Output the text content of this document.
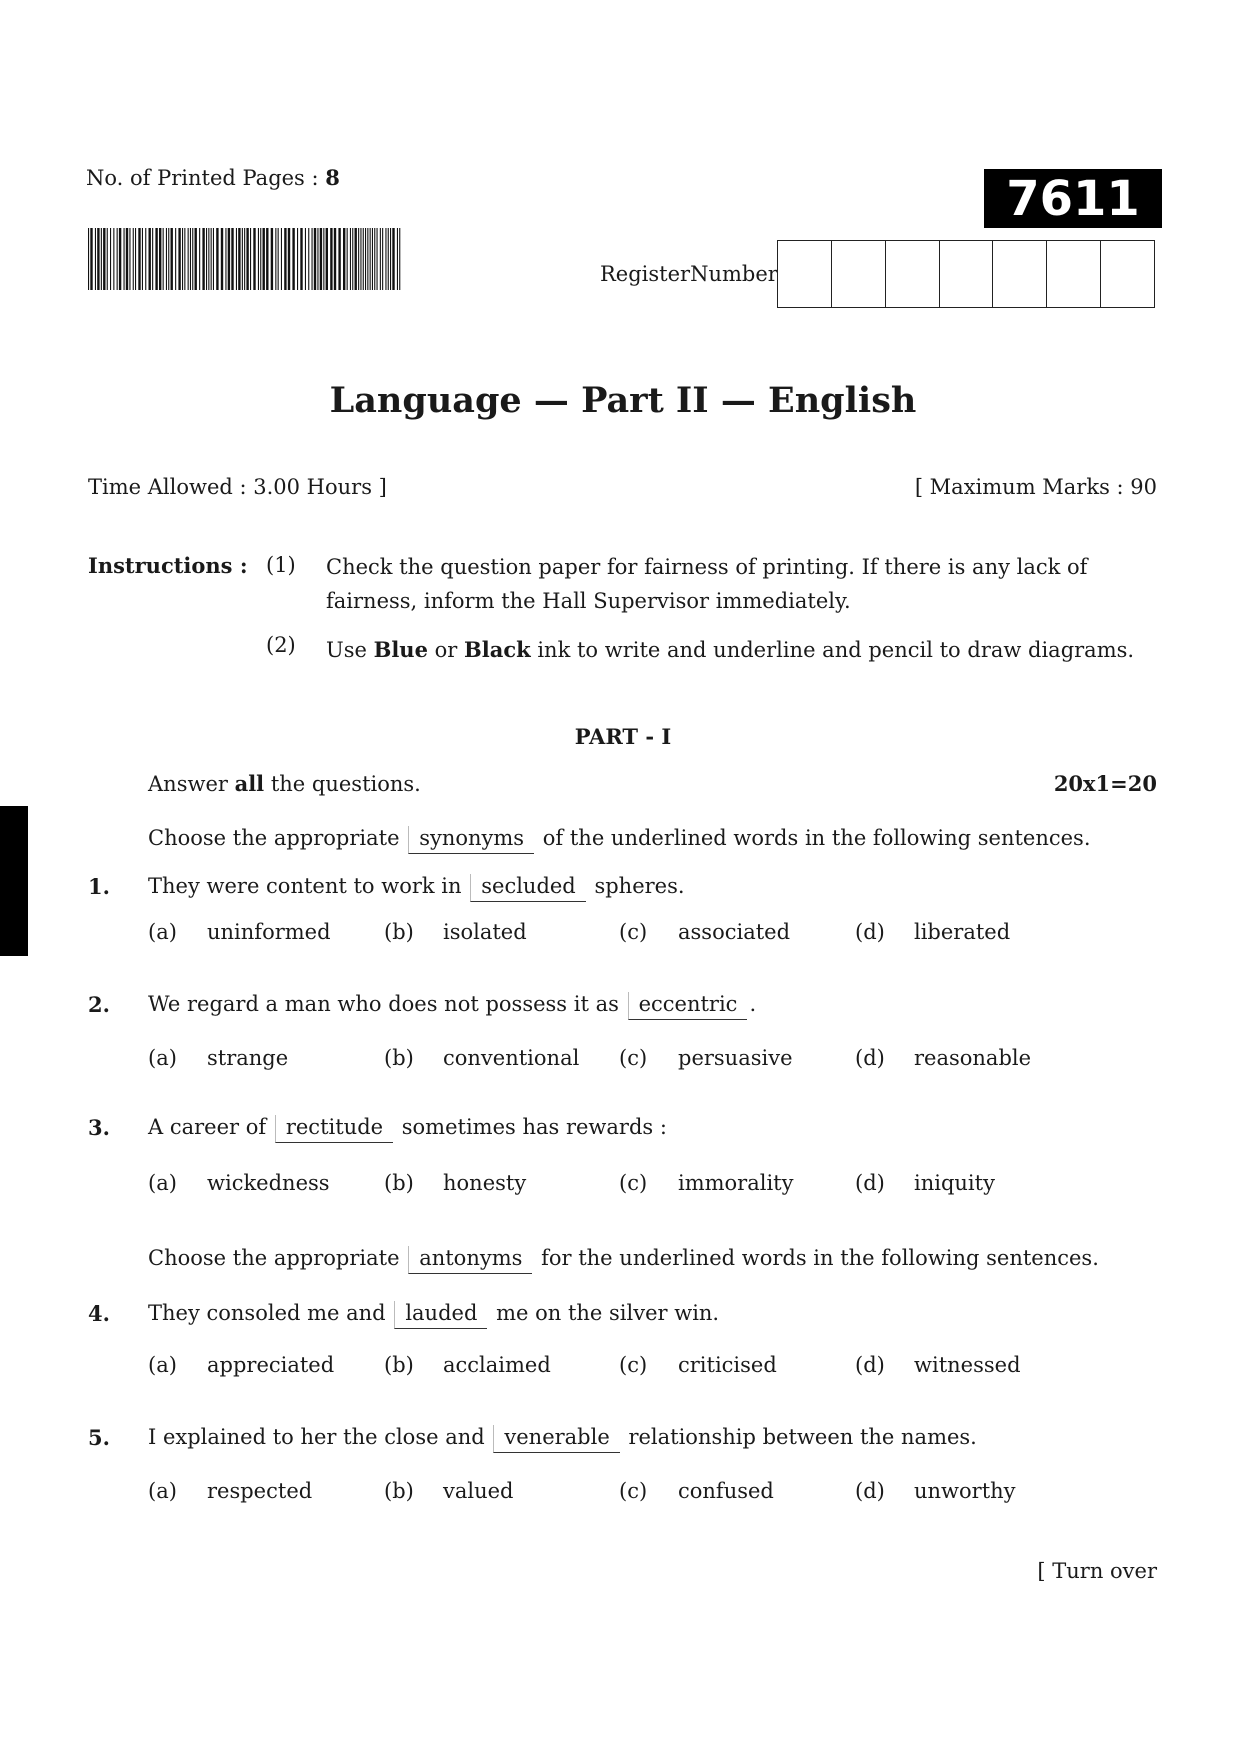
No. of Printed Pages : 8	7611
RegisterNumber
Language — Part II — English
Time Allowed : 3.00 Hours ]	[ Maximum Marks : 90
Instructions : (1) Check the question paper for fairness of printing. If there is any lack of fairness, inform the Hall Supervisor immediately.
(2) Use Blue or Black ink to write and underline and pencil to draw diagrams.
PART - I
Answer all the questions.	20x1=20
Choose the appropriate synonyms of the underlined words in the following sentences.
Choose the appropriate antonyms for the underlined words in the following sentences.
1. They were content to work in secluded spheres.
(a) uninformed	(b) isolated	(c) associated	(d) liberated
2. We regard a man who does not possess it as eccentric .
(a) strange	(b) conventional (c) persuasive	(d) reasonable
3. A career of rectitude sometimes has rewards :
(a) wickedness	(b) honesty	(c) immorality	(d) iniquity
4. They consoled me and lauded me on the silver win.
(a) appreciated (b) acclaimed	(c) criticised	(d) witnessed
5. I explained to her the close and venerable relationship between the names.
(a) respected	(b) valued	(c) confused	(d) unworthy
[ Turn over
